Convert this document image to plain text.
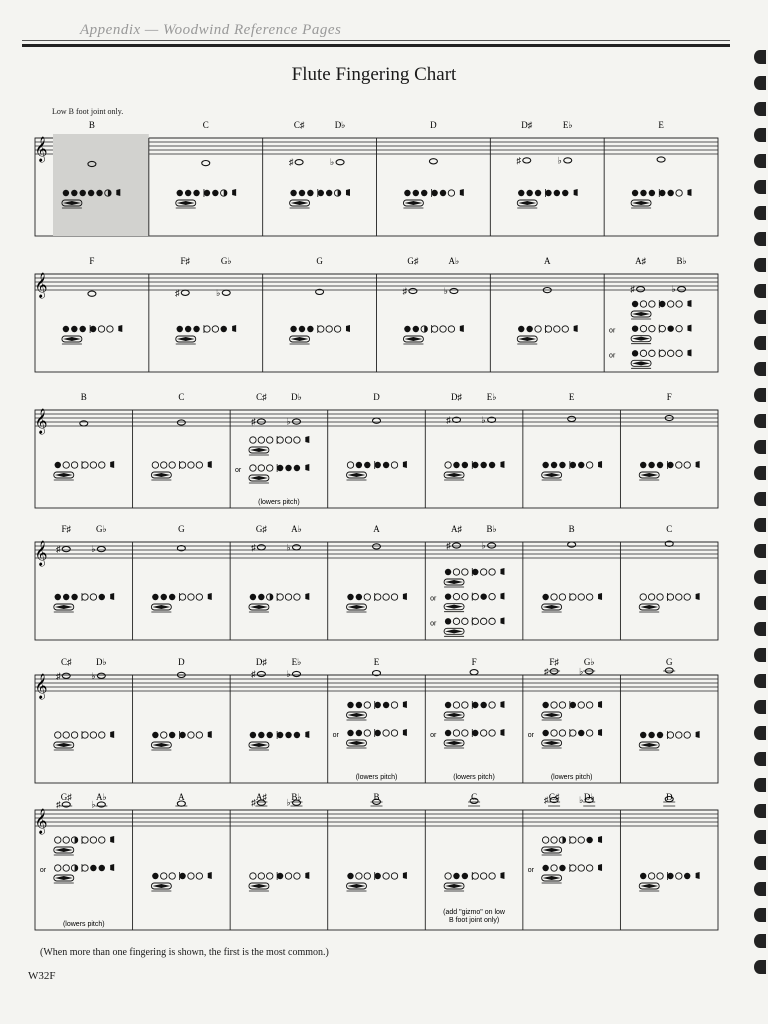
Appendix — Woodwind Reference Pages
Flute Fingering Chart
Low B foot joint only.
𝄞
B	C	C♯
♯
D♭
♭
D	D♯
♯
E♭
♭
E
𝄞
F	F♯
♯
G♭
♭
G	G♯
♯
A♭
♭
A	A♯
♯
B♭
♭
or
or
𝄞
B	C	C♯
♯
D♭
♭
or
(lowers pitch)
D	D♯
♯
E♭
♭
E	F
𝄞
F♯
♯
G♭
♭
G	G♯
♯
A♭
♭
A	A♯
♯
B♭
♭
or
or
B	C
𝄞
C♯
♯
D♭
♭
D	D♯
♯
E♭
♭
E
or
(lowers pitch)
F
or
(lowers pitch)
F♯
♯
G♭
♭
or
(lowers pitch)
G
𝄞
G♯
♯
A♭
♭
or
(lowers pitch)
A	A♯
♯
B♭
♭
B	C
(add "gizmo" on low
B foot joint only)
C♯
♯	D♭
♭
or
D
(When more than one fingering is shown, the first is the most common.)
W32F
